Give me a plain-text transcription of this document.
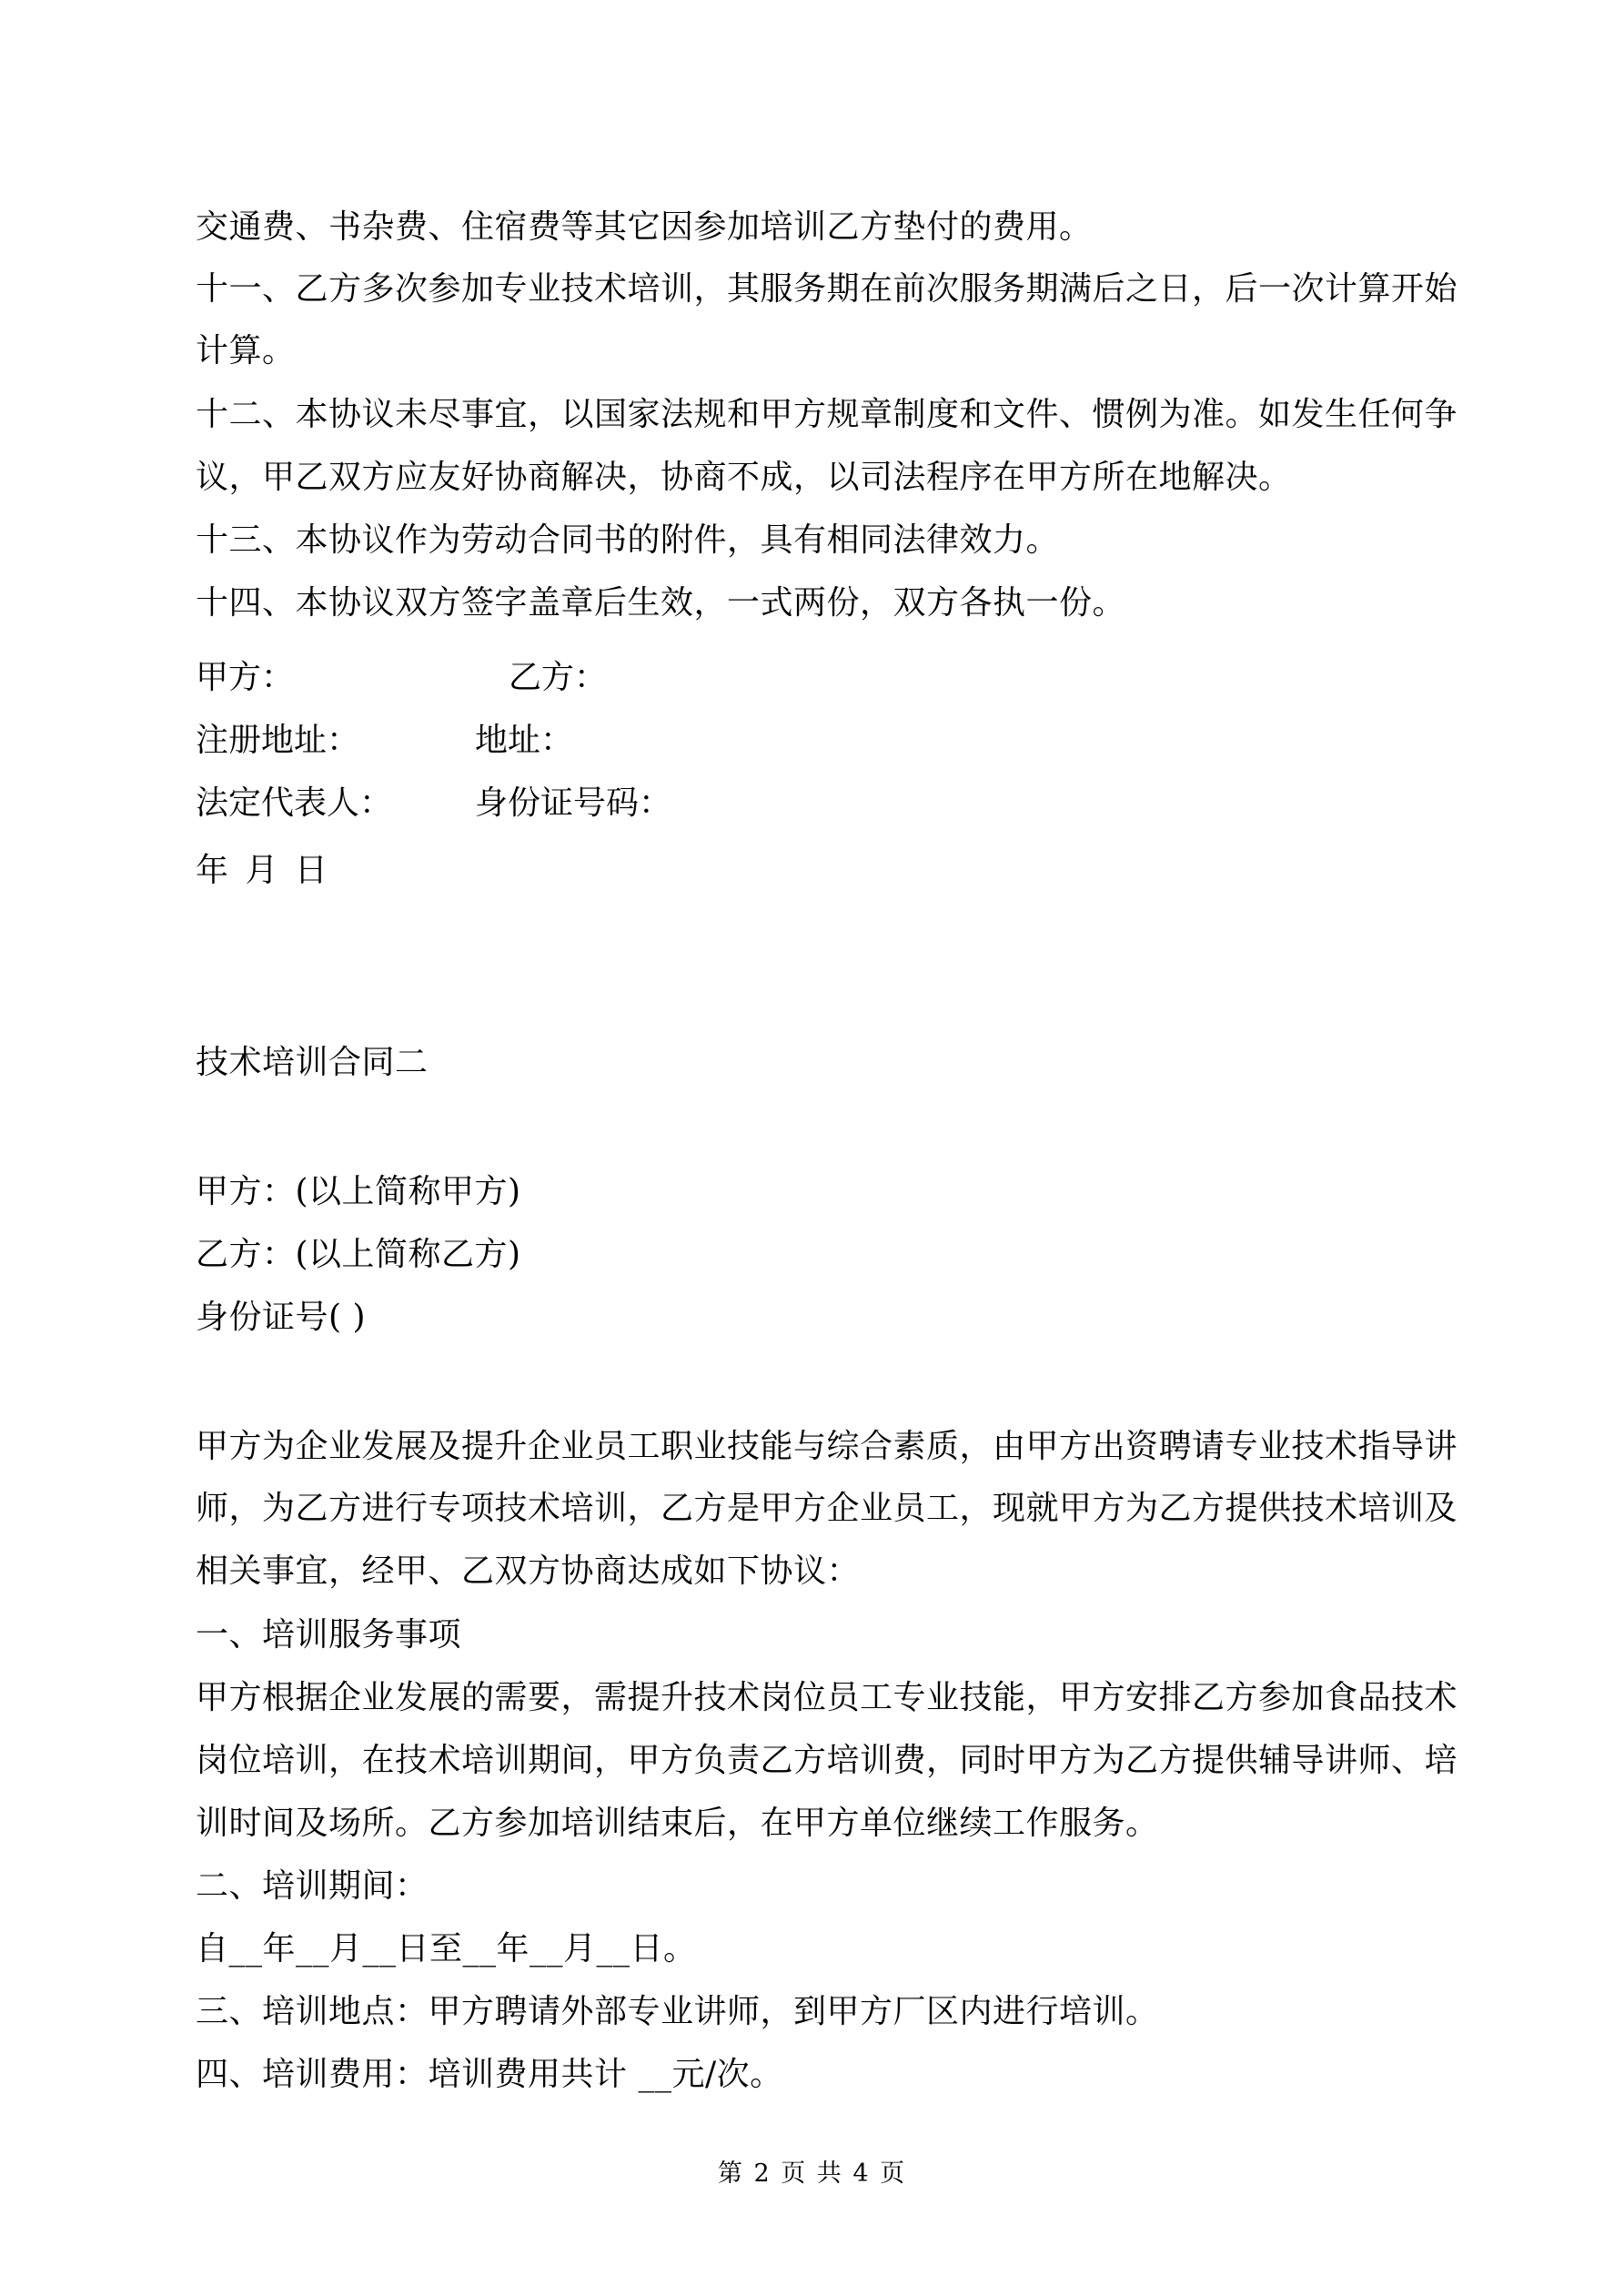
交通费、书杂费、住宿费等其它因参加培训乙方垫付的费用。
十一、乙方多次参加专业技术培训，其服务期在前次服务期满后之日，后一次计算开始
计算。
十二、本协议未尽事宜，以国家法规和甲方规章制度和文件、惯例为准。如发生任何争
议，甲乙双方应友好协商解决，协商不成，以司法程序在甲方所在地解决。
十三、本协议作为劳动合同书的附件，具有相同法律效力。
十四、本协议双方签字盖章后生效，一式两份，双方各执一份。
甲方：	乙方：
注册地址：	地址：
法定代表人：	身份证号码：
年 月 日
技术培训合同二
甲方：(以上简称甲方)
乙方：(以上简称乙方)
身份证号( )
甲方为企业发展及提升企业员工职业技能与综合素质，由甲方出资聘请专业技术指导讲
师，为乙方进行专项技术培训，乙方是甲方企业员工，现就甲方为乙方提供技术培训及
相关事宜，经甲、乙双方协商达成如下协议：
一、培训服务事项
甲方根据企业发展的需要，需提升技术岗位员工专业技能，甲方安排乙方参加食品技术
岗位培训，在技术培训期间，甲方负责乙方培训费，同时甲方为乙方提供辅导讲师、培
训时间及场所。乙方参加培训结束后，在甲方单位继续工作服务。
二、培训期间：
自__年__月__日至__年__月__日。
三、培训地点：甲方聘请外部专业讲师，到甲方厂区内进行培训。
四、培训费用：培训费用共计 __元/次。
第 2 页 共 4 页
